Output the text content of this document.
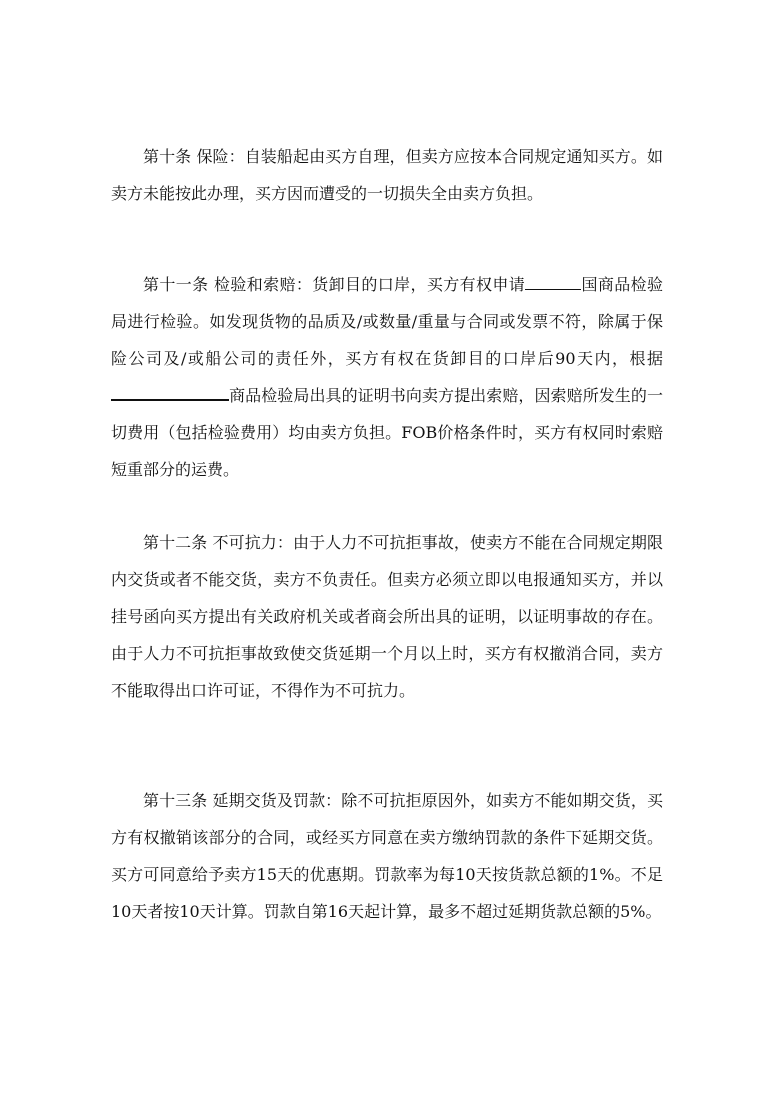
第十条 保险：自装船起由买方自理，但卖方应按本合同规定通知买方。如卖方未能按此办理，买方因而遭受的一切损失全由卖方负担。

第十一条 检验和索赔：货卸目的口岸，买方有权申请	国商品检验局进行检验。如发现货物的品质及/或数量/重量与合同或发票不符，除属于保险公司及/或船公司的责任外，买方有权在货卸目的口岸后90天内，根据商品检验局出具的证明书向卖方提出索赔，因索赔所发生的一切费用（包括检验费用）均由卖方负担。FOB价格条件时，买方有权同时索赔短重部分的运费。

第十二条 不可抗力：由于人力不可抗拒事故，使卖方不能在合同规定期限内交货或者不能交货，卖方不负责任。但卖方必须立即以电报通知买方，并以挂号函向买方提出有关政府机关或者商会所出具的证明，以证明事故的存在。由于人力不可抗拒事故致使交货延期一个月以上时，买方有权撤消合同，卖方不能取得出口许可证，不得作为不可抗力。

第十三条 延期交货及罚款：除不可抗拒原因外，如卖方不能如期交货，买方有权撤销该部分的合同，或经买方同意在卖方缴纳罚款的条件下延期交货。买方可同意给予卖方15天的优惠期。罚款率为每10天按货款总额的1%。不足10天者按10天计算。罚款自第16天起计算，最多不超过延期货款总额的5%。
